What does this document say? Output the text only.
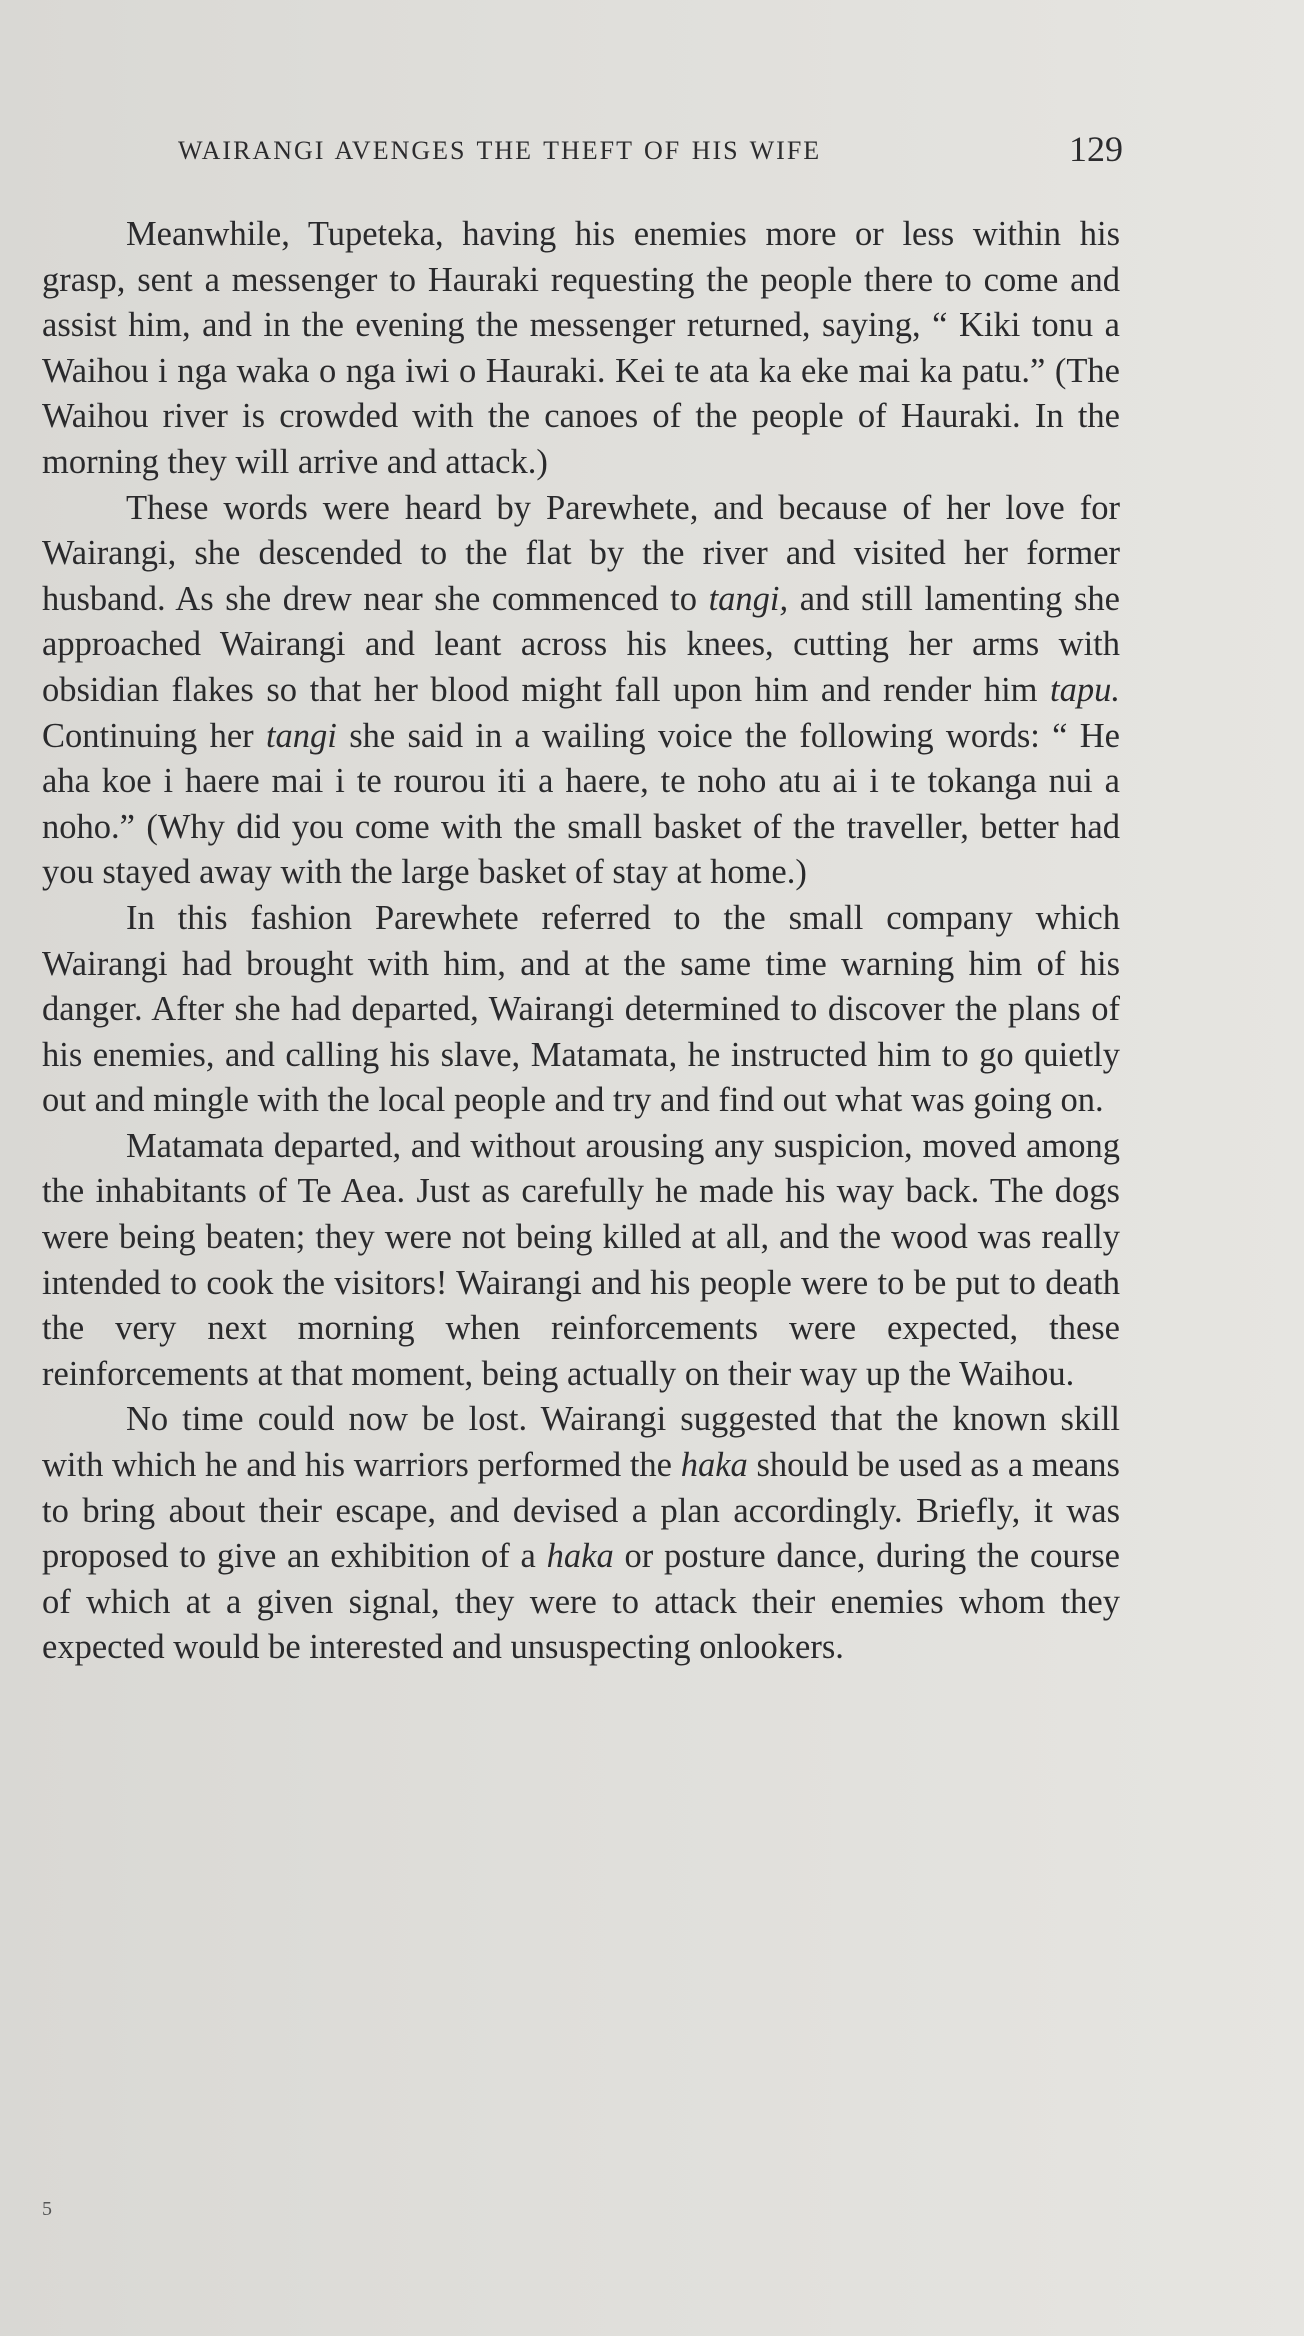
WAIRANGI AVENGES THE THEFT OF HIS WIFE	129

Meanwhile, Tupeteka, having his enemies more or less within his grasp, sent a messenger to Hauraki requesting the people there to come and assist him, and in the evening the messenger returned, saying, “ Kiki tonu a Waihou i nga waka o nga iwi o Hauraki. Kei te ata ka eke mai ka patu.” (The Waihou river is crowded with the canoes of the people of Hauraki. In the morning they will arrive and attack.)

These words were heard by Parewhete, and because of her love for Wairangi, she descended to the flat by the river and visited her former husband. As she drew near she commenced to tangi, and still lamenting she approached Wairangi and leant across his knees, cutting her arms with obsidian flakes so that her blood might fall upon him and render him tapu. Continuing her tangi she said in a wailing voice the following words: “ He aha koe i haere mai i te rourou iti a haere, te noho atu ai i te tokanga nui a noho.” (Why did you come with the small basket of the traveller, better had you stayed away with the large basket of stay at home.)

In this fashion Parewhete referred to the small company which Wairangi had brought with him, and at the same time warning him of his danger. After she had departed, Wairangi determined to discover the plans of his enemies, and calling his slave, Matamata, he instructed him to go quietly out and mingle with the local people and try and find out what was going on.

Matamata departed, and without arousing any suspicion, moved among the inhabitants of Te Aea. Just as carefully he made his way back. The dogs were being beaten; they were not being killed at all, and the wood was really intended to cook the visitors! Wairangi and his people were to be put to death the very next morning when reinforcements were expected, these reinforcements at that moment, being actually on their way up the Waihou.

No time could now be lost. Wairangi suggested that the known skill with which he and his warriors performed the haka should be used as a means to bring about their escape, and devised a plan accordingly. Briefly, it was proposed to give an exhibition of a haka or posture dance, during the course of which at a given signal, they were to attack their enemies whom they expected would be interested and unsuspecting onlookers.

5
